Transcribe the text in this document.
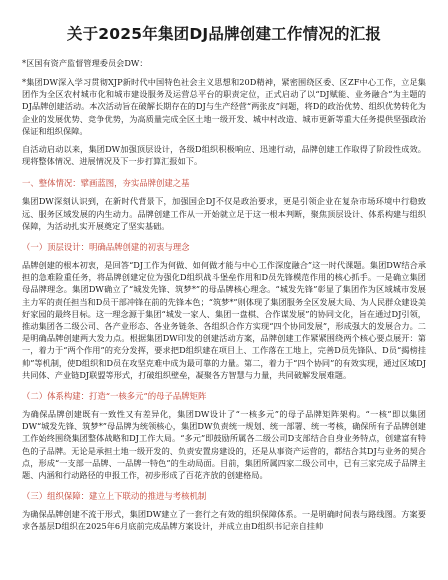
关于2025年集团DJ品牌创建工作情况的汇报
*区国有资产监督管理委员会DW：

*集团DW深入学习贯彻XJP新时代中国特色社会主义思想和20D精神，紧密围绕区委、区ZF中心工作，立足集团作为全区农村城市化和城市建设服务及运营总平台的职责定位，正式启动了以“DJ赋能、业务融合”为主题的DJ品牌创建活动。本次活动旨在破解长期存在的DJ与生产经营“两张皮”问题，将D的政治优势、组织优势转化为企业的发展优势、竞争优势，为高质量完成全区土地一级开发、城中村改造、城市更新等重大任务提供坚强政治保证和组织保障。

自活动启动以来，集团DW加强顶层设计，各级D组织积极响应、迅速行动，品牌创建工作取得了阶段性成效。现将整体情况、进展情况及下一步打算汇报如下。

一、整体情况：擘画蓝图，夯实品牌创建之基

集团DW深刻认识到，在新时代背景下，加强国企DJ不仅是政治要求，更是引领企业在复杂市场环境中行稳致远、服务区域发展的内生动力。品牌创建工作从一开始就立足于这一根本判断，聚焦顶层设计、体系构建与组织保障，为活动扎实开展奠定了坚实基础。

（一）顶层设计：明确品牌创建的初衷与理念

品牌创建的根本初衷，是回答“DJ工作为何做、如何做才能与中心工作深度融合”这一时代课题。集团DW结合承担的急难险重任务，将品牌创建定位为强化D组织战斗堡垒作用和D员先锋模范作用的核心抓手。一是确立集团母品牌理念。集团DW确立了“城发先锋、筑梦*”的母品牌核心理念。“城发先锋”彰显了集团作为区域城市发展主力军的责任担当和D员干部冲锋在前的先锋本色；“筑梦*”则体现了集团服务全区发展大局、为人民群众建设美好家园的最终目标。这一理念源于集团“城发一家人、集团一盘棋、合作谋发展”的协同文化，旨在通过DJ引领，推动集团各二级公司、各产业形态、各业务链条、各组织合作方实现“四个协同发展”，形成强大的发展合力。二是明确品牌创建两大发力点。根据集团DW印发的创建活动方案，品牌创建工作紧紧围绕两个核心要点展开：第一，着力于“两个作用”的充分发挥，要求把D组织建在项目上、工作落在工地上，完善D员先锋队、D员“揭榜挂帅”等机制，使D组织和D员在攻坚克难中成为最可靠的力量。第二，着力于“四个协同”的有效实现，通过区域DJ共同体、产业链DJ联盟等形式，打破组织壁垒，凝聚各方智慧与力量，共同破解发展难题。

（二）体系构建：打造“一核多元”的母子品牌矩阵

为确保品牌创建既有一致性又有差异化，集团DW设计了“一核多元”的母子品牌矩阵架构。“一核”即以集团DW“城发先锋、筑梦*”母品牌为统领核心，集团DW负责统一规划、统一部署、统一考核，确保所有子品牌创建工作始终围绕集团整体战略和DJ工作大局。“多元”即鼓励所属各二级公司D支部结合自身业务特点，创建富有特色的子品牌。无论是承担土地一级开发的、负责安置房建设的，还是从事资产运营的，都结合其DJ与业务的契合点，形成“一支部一品牌、一品牌一特色”的生动局面。目前，集团所属四家二级公司中，已有三家完成子品牌主题、内涵和行动路径的申报工作，初步形成了百花齐放的创建格局。

（三）组织保障：建立上下联动的推进与考核机制

为确保品牌创建不流于形式，集团DW建立了一套行之有效的组织保障体系。一是明确时间表与路线图。方案要求各基层D组织在2025年6月底前完成品牌方案设计，并成立由D组织书记亲自挂帅
